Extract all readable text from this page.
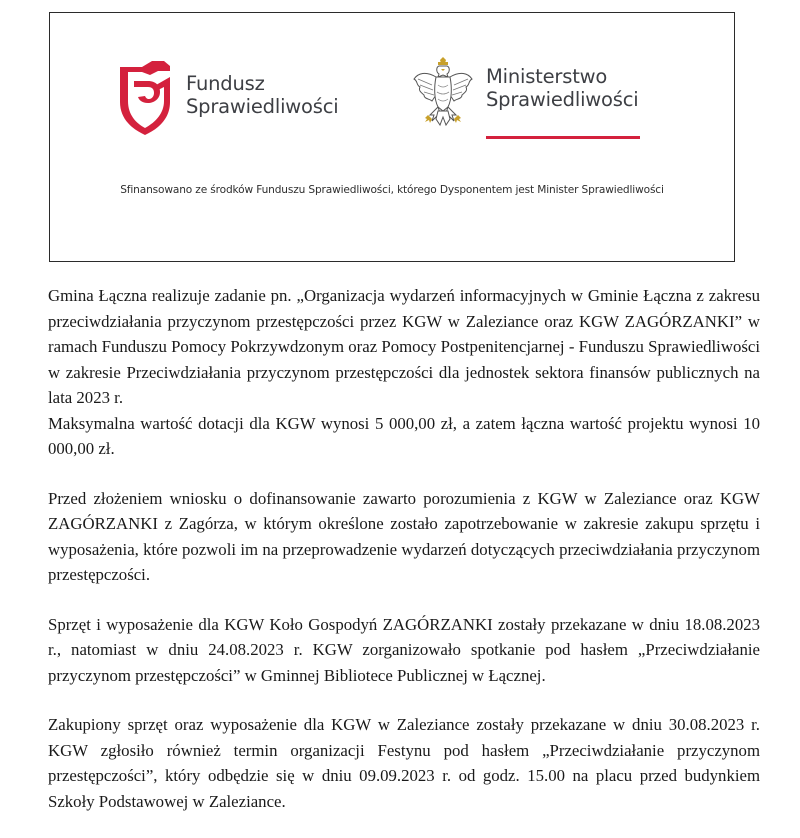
Fundusz
Sprawiedliwości
Ministerstwo
Sprawiedliwości
Sfinansowano ze środków Funduszu Sprawiedliwości, którego Dysponentem jest Minister Sprawiedliwości

Gmina Łączna realizuje zadanie pn. „Organizacja wydarzeń informacyjnych w Gminie Łączna z zakresu przeciwdziałania przyczynom przestępczości przez KGW w Zaleziance oraz KGW ZAGÓRZANKI” w ramach Funduszu Pomocy Pokrzywdzonym oraz Pomocy Postpenitencjarnej - Funduszu Sprawiedliwości w zakresie Przeciwdziałania przyczynom przestępczości dla jednostek sektora finansów publicznych na lata 2023 r.

Maksymalna wartość dotacji dla KGW wynosi 5 000,00 zł, a zatem łączna wartość projektu wynosi 10 000,00 zł.

Przed złożeniem wniosku o dofinansowanie zawarto porozumienia z KGW w Zaleziance oraz KGW ZAGÓRZANKI z Zagórza, w którym określone zostało zapotrzebowanie w zakresie zakupu sprzętu i wyposażenia, które pozwoli im na przeprowadzenie wydarzeń dotyczących przeciwdziałania przyczynom przestępczości.

Sprzęt i wyposażenie dla KGW Koło Gospodyń ZAGÓRZANKI zostały przekazane w dniu 18.08.2023 r., natomiast w dniu 24.08.2023 r. KGW zorganizowało spotkanie pod hasłem „Przeciwdziałanie przyczynom przestępczości” w Gminnej Bibliotece Publicznej w Łącznej.

Zakupiony sprzęt oraz wyposażenie dla KGW w Zaleziance zostały przekazane w dniu 30.08.2023 r. KGW zgłosiło również termin organizacji Festynu pod hasłem „Przeciwdziałanie przyczynom przestępczości”, który odbędzie się w dniu 09.09.2023 r. od godz. 15.00 na placu przed budynkiem Szkoły Podstawowej w Zaleziance.
